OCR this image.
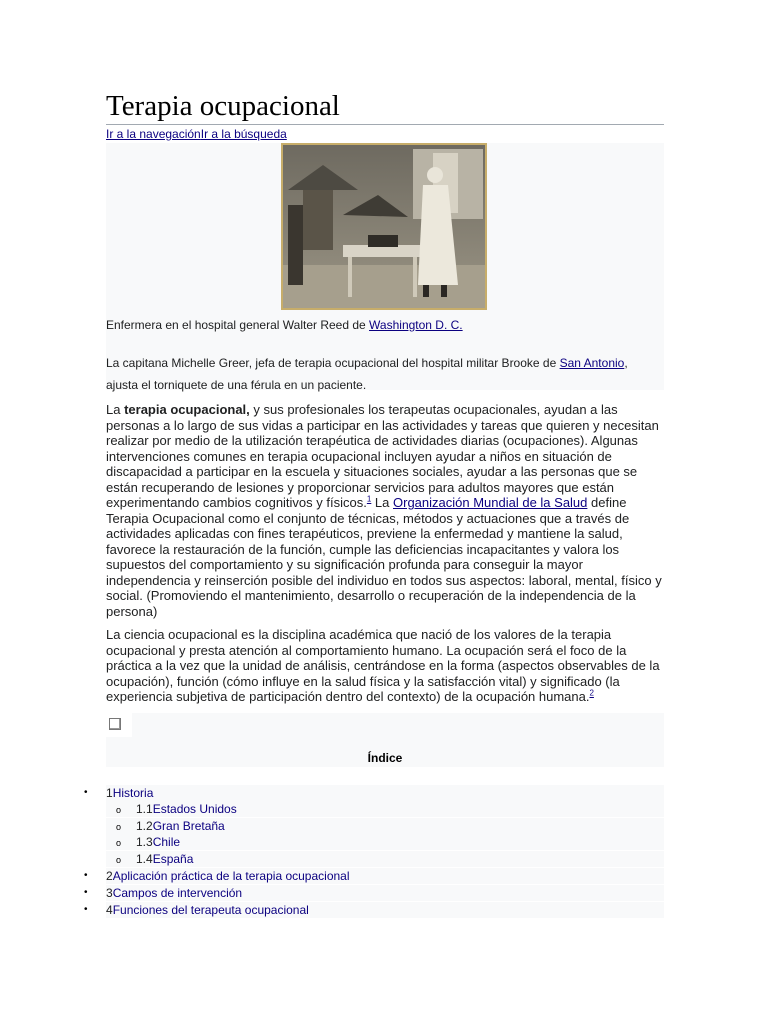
Terapia ocupacional
Ir a la navegaciónIr a la búsqueda
Enfermera en el hospital general Walter Reed de Washington D. C.
La capitana Michelle Greer, jefa de terapia ocupacional del hospital militar Brooke de San Antonio,
ajusta el torniquete de una férula en un paciente.

La terapia ocupacional, y sus profesionales los terapeutas ocupacionales, ayudan a las personas a lo largo de sus vidas a participar en las actividades y tareas que quieren y necesitan realizar por medio de la utilización terapéutica de actividades diarias (ocupaciones). Algunas intervenciones comunes en terapia ocupacional incluyen ayudar a niños en situación de discapacidad a participar en la escuela y situaciones sociales, ayudar a las personas que se están recuperando de lesiones y proporcionar servicios para adultos mayores que están experimentando cambios cognitivos y físicos.$^1$ La Organización Mundial de la Salud define Terapia Ocupacional como el conjunto de técnicas, métodos y actuaciones que a través de actividades aplicadas con fines terapéuticos, previene la enfermedad y mantiene la salud, favorece la restauración de la función, cumple las deficiencias incapacitantes y valora los supuestos del comportamiento y su significación profunda para conseguir la mayor independencia y reinserción posible del individuo en todos sus aspectos: laboral, mental, físico y social. (Promoviendo el mantenimiento, desarrollo o recuperación de la independencia de la persona)

La ciencia ocupacional es la disciplina académica que nació de los valores de la terapia ocupacional y presta atención al comportamiento humano. La ocupación será el foco de la práctica a la vez que la unidad de análisis, centrándose en la forma (aspectos observables de la ocupación), función (cómo influye en la salud física y la satisfacción vital) y significado (la experiencia subjetiva de participación dentro del contexto) de la ocupación humana.$^2$

Índice
• 1Historia
o 1.1Estados Unidos
o 1.2Gran Bretaña
o 1.3Chile
o 1.4España
• 2Aplicación práctica de la terapia ocupacional
• 3Campos de intervención
• 4Funciones del terapeuta ocupacional
